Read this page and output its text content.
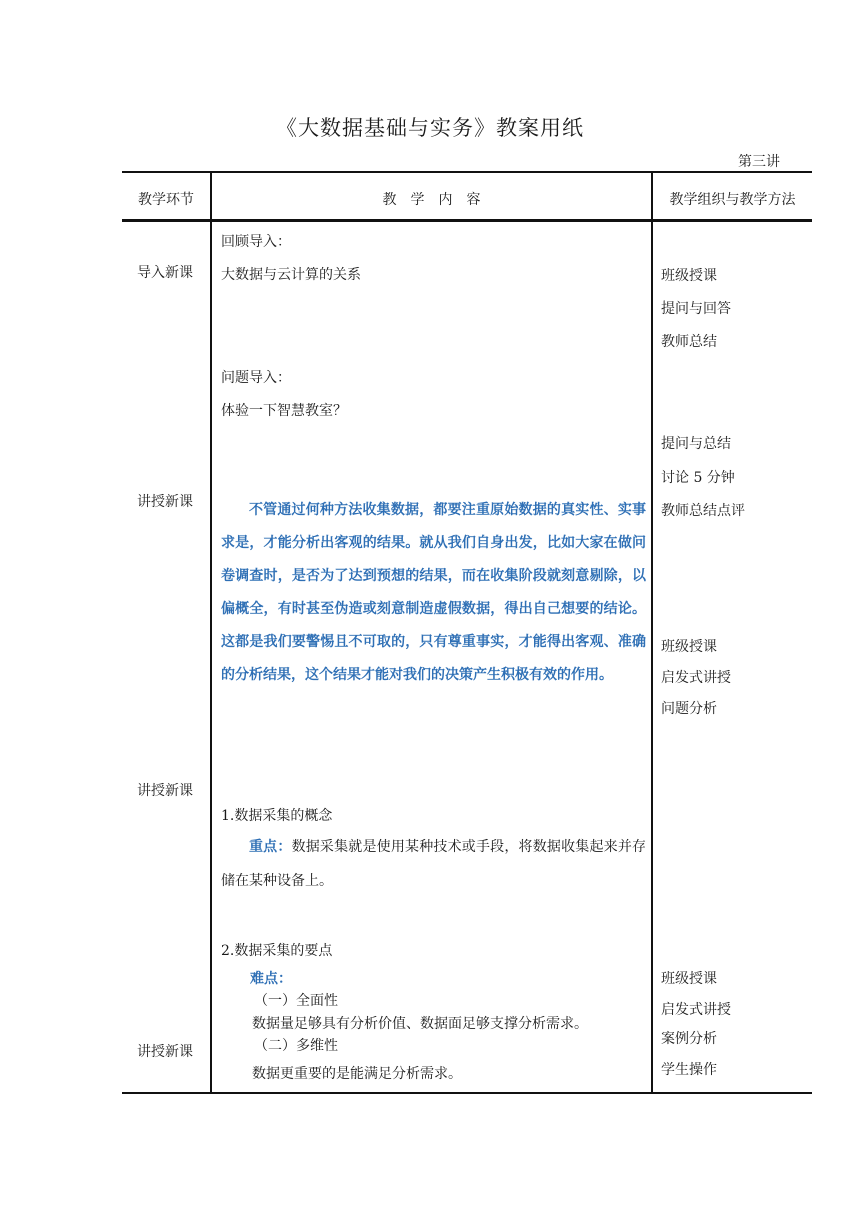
《大数据基础与实务》教案用纸
第三讲
教学环节	教　学　内　容	教学组织与教学方法
导入新课
讲授新课
讲授新课
讲授新课
回顾导入：
大数据与云计算的关系
问题导入：
体验一下智慧教室？
不管通过何种方法收集数据，都要注重原始数据的真实性、实事求是，才能分析出客观的结果。就从我们自身出发，比如大家在做问卷调查时，是否为了达到预想的结果，而在收集阶段就刻意剔除，以偏概全，有时甚至伪造或刻意制造虚假数据，得出自己想要的结论。这都是我们要警惕且不可取的，只有尊重事实，才能得出客观、准确的分析结果，这个结果才能对我们的决策产生积极有效的作用。
1.数据采集的概念
重点：数据采集就是使用某种技术或手段，将数据收集起来并存储在某种设备上。
2.数据采集的要点
难点：
（一）全面性
数据量足够具有分析价值、数据面足够支撑分析需求。
（二）多维性
数据更重要的是能满足分析需求。
班级授课
提问与回答
教师总结
提问与总结
讨论 5 分钟
教师总结点评
班级授课
启发式讲授
问题分析
班级授课
启发式讲授
案例分析
学生操作
